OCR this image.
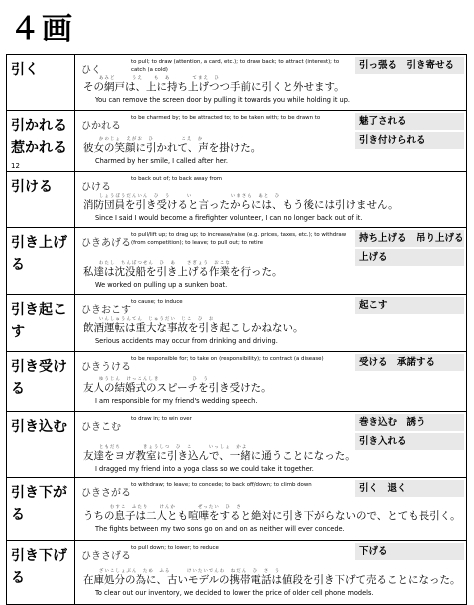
４画
引く	ひく
to pull; to draw (attention, a card, etc.); to draw back; to attract (interest); to catch (a cold)	引っ張る　引き寄せる
あみど　　　うえ　　も　あ　　　　てまえ　ひ
その網戸は、上に持ち上げつつ手前に引くと外せます。
You can remove the screen door by pulling it towards you while holding it up.
引かれる 惹かれる$^{12}$
ひかれる
to be charmed by; to be attracted to; to be taken with; to be drawn to	魅了される
引き付けられる
かのじょ　えがお　ひ　　　　　こえ　か
彼女の笑顔に引かれて、声を掛けた。
Charmed by her smile, I called after her.
引ける	ひける
to back out of; to back away from
しょうぼうだんいん　ひ　う　　　い　　　　　　　いまさら　あと　ひ
消防団員を引き受けると言ったからには、もう後には引けません。
Since I said I would become a firefighter volunteer, I can no longer back out of it.
引き上げる
ひきあげる
to pull/lift up; to drag up; to increase/raise (e.g. prices, taxes, etc.); to withdraw (from competition); to leave; to pull out; to retire	持ち上げる　吊り上げる
上げる
わたし　ちんぼつせん　ひ　あ　　さぎょう　おこな
私達は沈没船を引き上げる作業を行った。
We worked on pulling up a sunken boat.
引き起こす
ひきおこす
to cause; to induce	起こす
いんしゅうんてん　じゅうだい　じこ　ひ　お
飲酒運転は重大な事故を引き起こしかねない。
Serious accidents may occur from drinking and driving.
引き受ける
ひきうける
to be responsible for; to take on (responsibility); to contract (a disease)	受ける　承諾する
ゆうじん　けっこんしき　　　　　　ひ　う
友人の結婚式のスピーチを引き受けた。
I am responsible for my friend's wedding speech.
引き込む	ひきこむ
to draw in; to win over	巻き込む　誘う
引き入れる
ともだち　　　　きょうしつ　ひ　こ　　　いっしょ　かよ
友達をヨガ教室に引き込んで、一緒に通うことになった。
I dragged my friend into a yoga class so we could take it together.
引き下がる
ひきさがる
to withdraw; to leave; to concede; to back off/down; to climb down	引く　退く
　　むすこ　ふたり　　けんか　　　　ぜったい　ひ　さ
うちの息子は二人とも喧嘩をすると絶対に引き下がらないので、とても長引く。
The fights between my two sons go on and on as neither will ever concede.
引き下げる
ひきさげる
to pull down; to lower; to reduce	下げる
ざいこしょぶん　ため　ふる　　　けいたいでんわ　ねだん　ひ　さ　う
在庫処分の為に、古いモデルの携帯電話は値段を引き下げて売ることになった。
To clear out our inventory, we decided to lower the price of older cell phone models.
